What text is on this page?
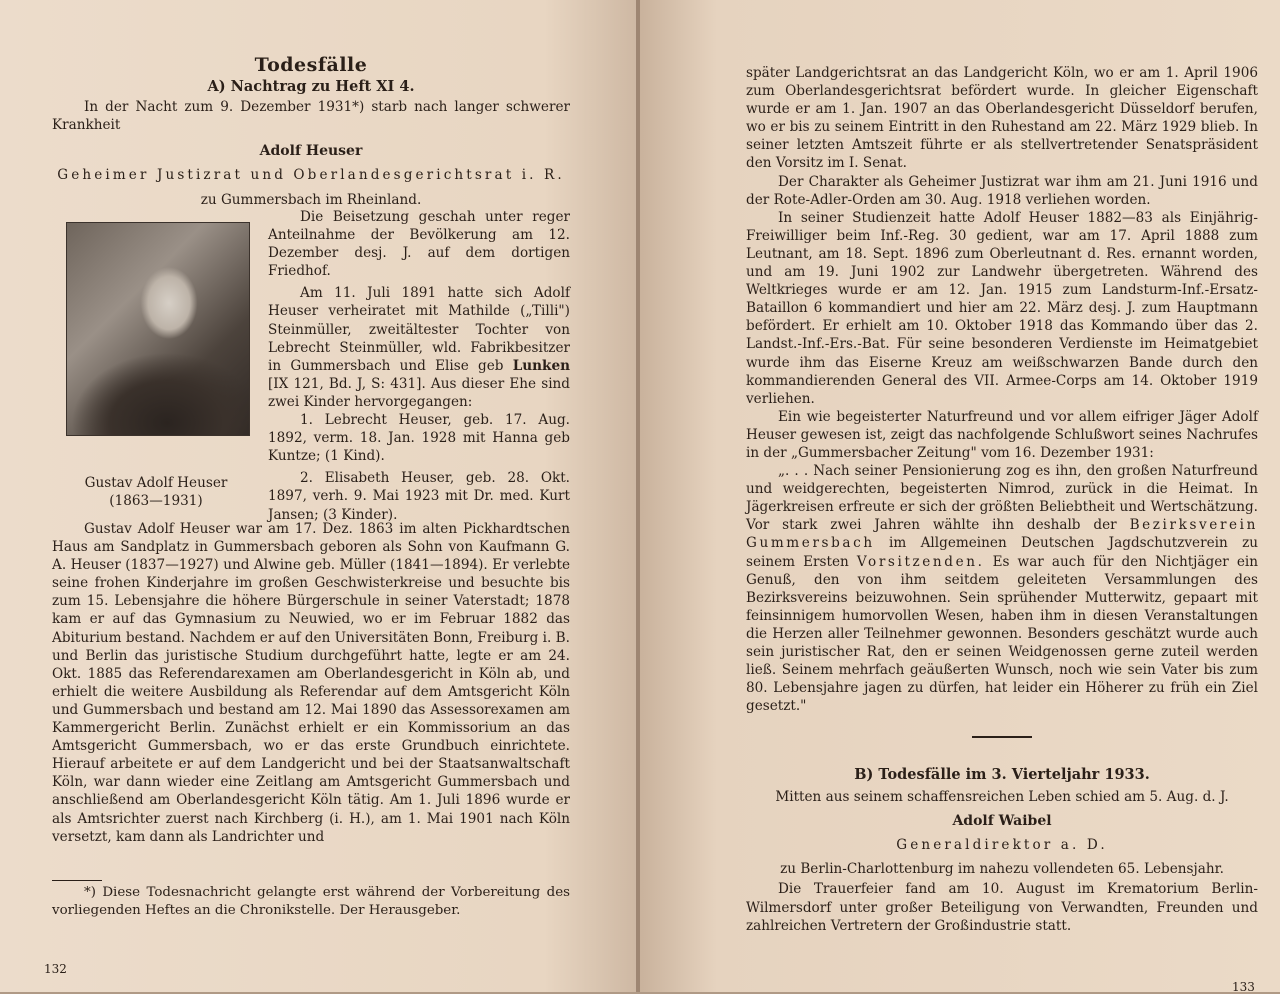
Todesfälle
A) Nachtrag zu Heft XI 4.

In der Nacht zum 9. Dezember 1931*) starb nach langer schwerer Krankheit

Adolf Heuser

Geheimer Justizrat und Oberlandesgerichtsrat i. R.

zu Gummersbach im Rheinland.

Gustav Adolf Heuser
(1863—1931)

Die Beisetzung geschah unter reger Anteilnahme der Bevölkerung am 12. Dezember desj. J. auf dem dortigen Friedhof.

Am 11. Juli 1891 hatte sich Adolf Heuser verheiratet mit Mathilde („Tilli") Steinmüller, zweitältester Tochter von Lebrecht Steinmüller, wld. Fabrikbesitzer in Gummersbach und Elise geb Lunken [IX 121, Bd. J, S: 431]. Aus dieser Ehe sind zwei Kinder hervorgegangen:

1. Lebrecht Heuser, geb. 17. Aug. 1892, verm. 18. Jan. 1928 mit Hanna geb Kuntze; (1 Kind).

2. Elisabeth Heuser, geb. 28. Okt. 1897, verh. 9. Mai 1923 mit Dr. med. Kurt Jansen; (3 Kinder).

Gustav Adolf Heuser war am 17. Dez. 1863 im alten Pickhardtschen Haus am Sandplatz in Gummersbach geboren als Sohn von Kaufmann G. A. Heuser (1837—1927) und Alwine geb. Müller (1841—1894). Er verlebte seine frohen Kinderjahre im großen Geschwisterkreise und besuchte bis zum 15. Lebensjahre die höhere Bürgerschule in seiner Vaterstadt; 1878 kam er auf das Gymnasium zu Neuwied, wo er im Februar 1882 das Abiturium bestand. Nachdem er auf den Universitäten Bonn, Freiburg i. B. und Berlin das juristische Studium durchgeführt hatte, legte er am 24. Okt. 1885 das Referendarexamen am Oberlandesgericht in Köln ab, und erhielt die weitere Ausbildung als Referendar auf dem Amtsgericht Köln und Gummersbach und bestand am 12. Mai 1890 das Assessorexamen am Kammergericht Berlin. Zunächst erhielt er ein Kommissorium an das Amtsgericht Gummersbach, wo er das erste Grundbuch einrichtete. Hierauf arbeitete er auf dem Landgericht und bei der Staatsanwaltschaft Köln, war dann wieder eine Zeitlang am Amtsgericht Gummersbach und anschließend am Oberlandesgericht Köln tätig. Am 1. Juli 1896 wurde er als Amtsrichter zuerst nach Kirchberg (i. H.), am 1. Mai 1901 nach Köln versetzt, kam dann als Landrichter und

*) Diese Todesnachricht gelangte erst während der Vorbereitung des vorliegenden Heftes an die Chronikstelle. Der Herausgeber.

132

später Landgerichtsrat an das Landgericht Köln, wo er am 1. April 1906 zum Oberlandesgerichtsrat befördert wurde. In gleicher Eigenschaft wurde er am 1. Jan. 1907 an das Oberlandesgericht Düsseldorf berufen, wo er bis zu seinem Eintritt in den Ruhestand am 22. März 1929 blieb. In seiner letzten Amtszeit führte er als stellvertretender Senatspräsident den Vorsitz im I. Senat.

Der Charakter als Geheimer Justizrat war ihm am 21. Juni 1916 und der Rote-Adler-Orden am 30. Aug. 1918 verliehen worden.

In seiner Studienzeit hatte Adolf Heuser 1882—83 als Einjährig-Freiwilliger beim Inf.-Reg. 30 gedient, war am 17. April 1888 zum Leutnant, am 18. Sept. 1896 zum Oberleutnant d. Res. ernannt worden, und am 19. Juni 1902 zur Landwehr übergetreten. Während des Weltkrieges wurde er am 12. Jan. 1915 zum Landsturm-Inf.-Ersatz-Bataillon 6 kommandiert und hier am 22. März desj. J. zum Hauptmann befördert. Er erhielt am 10. Oktober 1918 das Kommando über das 2. Landst.-Inf.-Ers.-Bat. Für seine besonderen Verdienste im Heimatgebiet wurde ihm das Eiserne Kreuz am weißschwarzen Bande durch den kommandierenden General des VII. Armee-Corps am 14. Oktober 1919 verliehen.

Ein wie begeisterter Naturfreund und vor allem eifriger Jäger Adolf Heuser gewesen ist, zeigt das nachfolgende Schlußwort seines Nachrufes in der „Gummersbacher Zeitung" vom 16. Dezember 1931:

„. . . Nach seiner Pensionierung zog es ihn, den großen Naturfreund und weidgerechten, begeisterten Nimrod, zurück in die Heimat. In Jägerkreisen erfreute er sich der größten Beliebtheit und Wertschätzung. Vor stark zwei Jahren wählte ihn deshalb der Bezirksverein Gummersbach im Allgemeinen Deutschen Jagdschutzverein zu seinem Ersten Vorsitzenden. Es war auch für den Nichtjäger ein Genuß, den von ihm seitdem geleiteten Versammlungen des Bezirksvereins beizuwohnen. Sein sprühender Mutterwitz, gepaart mit feinsinnigem humorvollen Wesen, haben ihm in diesen Veranstaltungen die Herzen aller Teilnehmer gewonnen. Besonders geschätzt wurde auch sein juristischer Rat, den er seinen Weidgenossen gerne zuteil werden ließ. Seinem mehrfach geäußerten Wunsch, noch wie sein Vater bis zum 80. Lebensjahre jagen zu dürfen, hat leider ein Höherer zu früh ein Ziel gesetzt."

B) Todesfälle im 3. Vierteljahr 1933.

Mitten aus seinem schaffensreichen Leben schied am 5. Aug. d. J.

Adolf Waibel

Generaldirektor a. D.

zu Berlin-Charlottenburg im nahezu vollendeten 65. Lebensjahr.

Die Trauerfeier fand am 10. August im Krematorium Berlin-Wilmersdorf unter großer Beteiligung von Verwandten, Freunden und zahlreichen Vertretern der Großindustrie statt.

133
